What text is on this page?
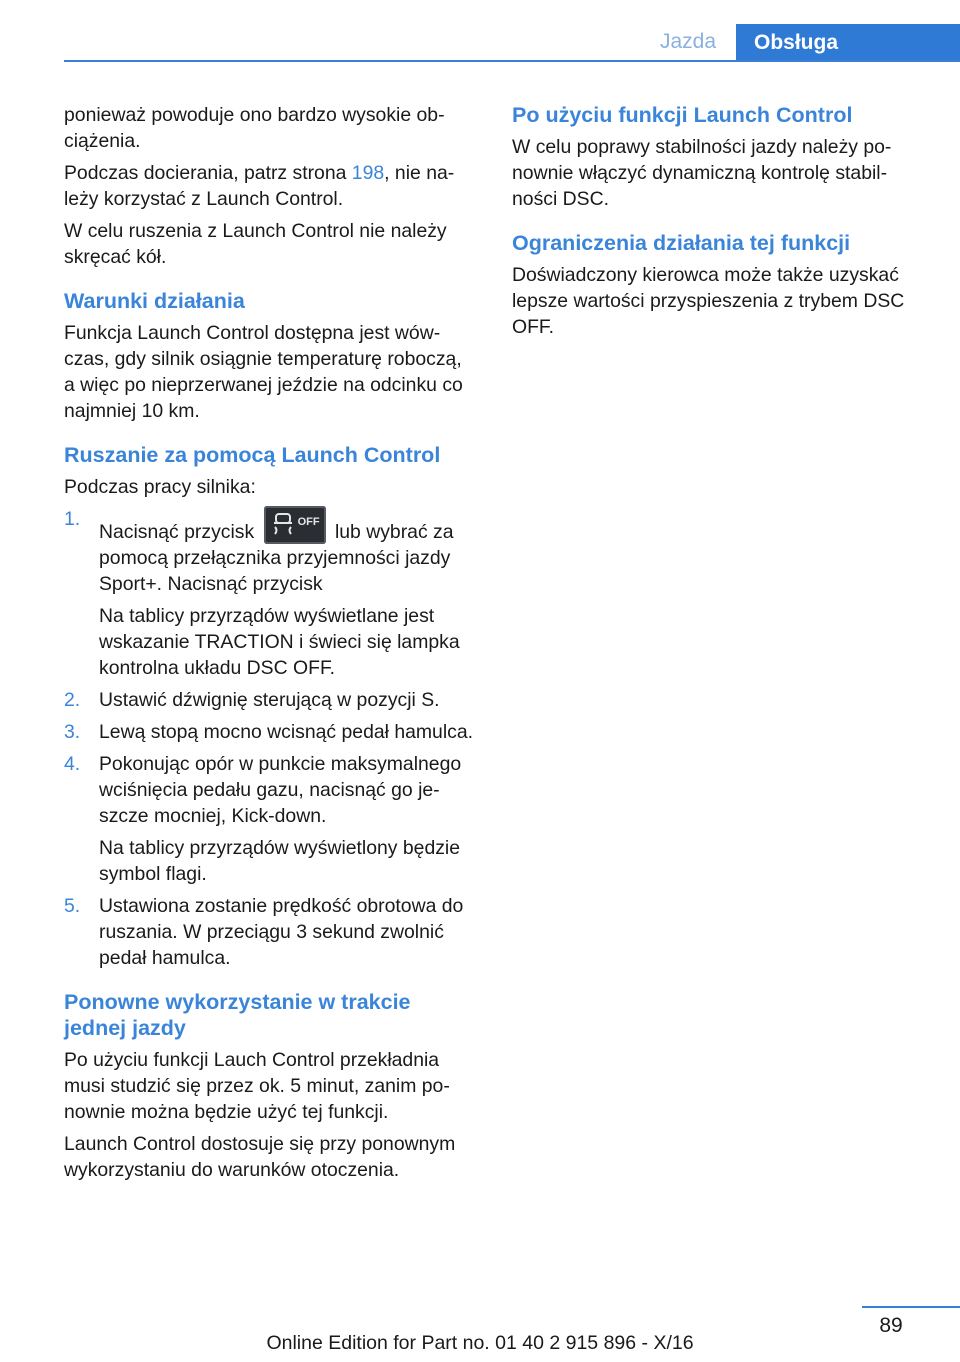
Jazda	Obsługa

ponieważ powoduje ono bardzo wysokie obciążenia.

Podczas docierania, patrz strona 198, nie należy korzystać z Launch Control.

W celu ruszenia z Launch Control nie należy skręcać kół.

Warunki działania

Funkcja Launch Control dostępna jest wówczas, gdy silnik osiągnie temperaturę roboczą, a więc po nieprzerwanej jeździe na odcinku co najmniej 10 km.

Ruszanie za pomocą Launch Control

Podczas pracy silnika:

1.

Nacisnąć przycisk	OFF lub wybrać za pomocą przełącznika przyjemności jazdy Sport+. Nacisnąć przycisk

Na tablicy przyrządów wyświetlane jest wskazanie TRACTION i świeci się lampka kontrolna układu DSC OFF.

2. Ustawić dźwignię sterującą w pozycji S.

3. Lewą stopą mocno wcisnąć pedał hamulca.

4. Pokonując opór w punkcie maksymalnego wciśnięcia pedału gazu, nacisnąć go jeszcze mocniej, Kick-down.

Na tablicy przyrządów wyświetlony będzie symbol flagi.

5. Ustawiona zostanie prędkość obrotowa do ruszania. W przeciągu 3 sekund zwolnić pedał hamulca.

Ponowne wykorzystanie w trakcie jednej jazdy

Po użyciu funkcji Lauch Control przekładnia musi studzić się przez ok. 5 minut, zanim ponownie można będzie użyć tej funkcji.

Launch Control dostosuje się przy ponownym wykorzystaniu do warunków otoczenia.

Po użyciu funkcji Launch Control

W celu poprawy stabilności jazdy należy ponownie włączyć dynamiczną kontrolę stabilności DSC.

Ograniczenia działania tej funkcji

Doświadczony kierowca może także uzyskać lepsze wartości przyspieszenia z trybem DSC OFF.

89
Online Edition for Part no. 01 40 2 915 896 - X/16
